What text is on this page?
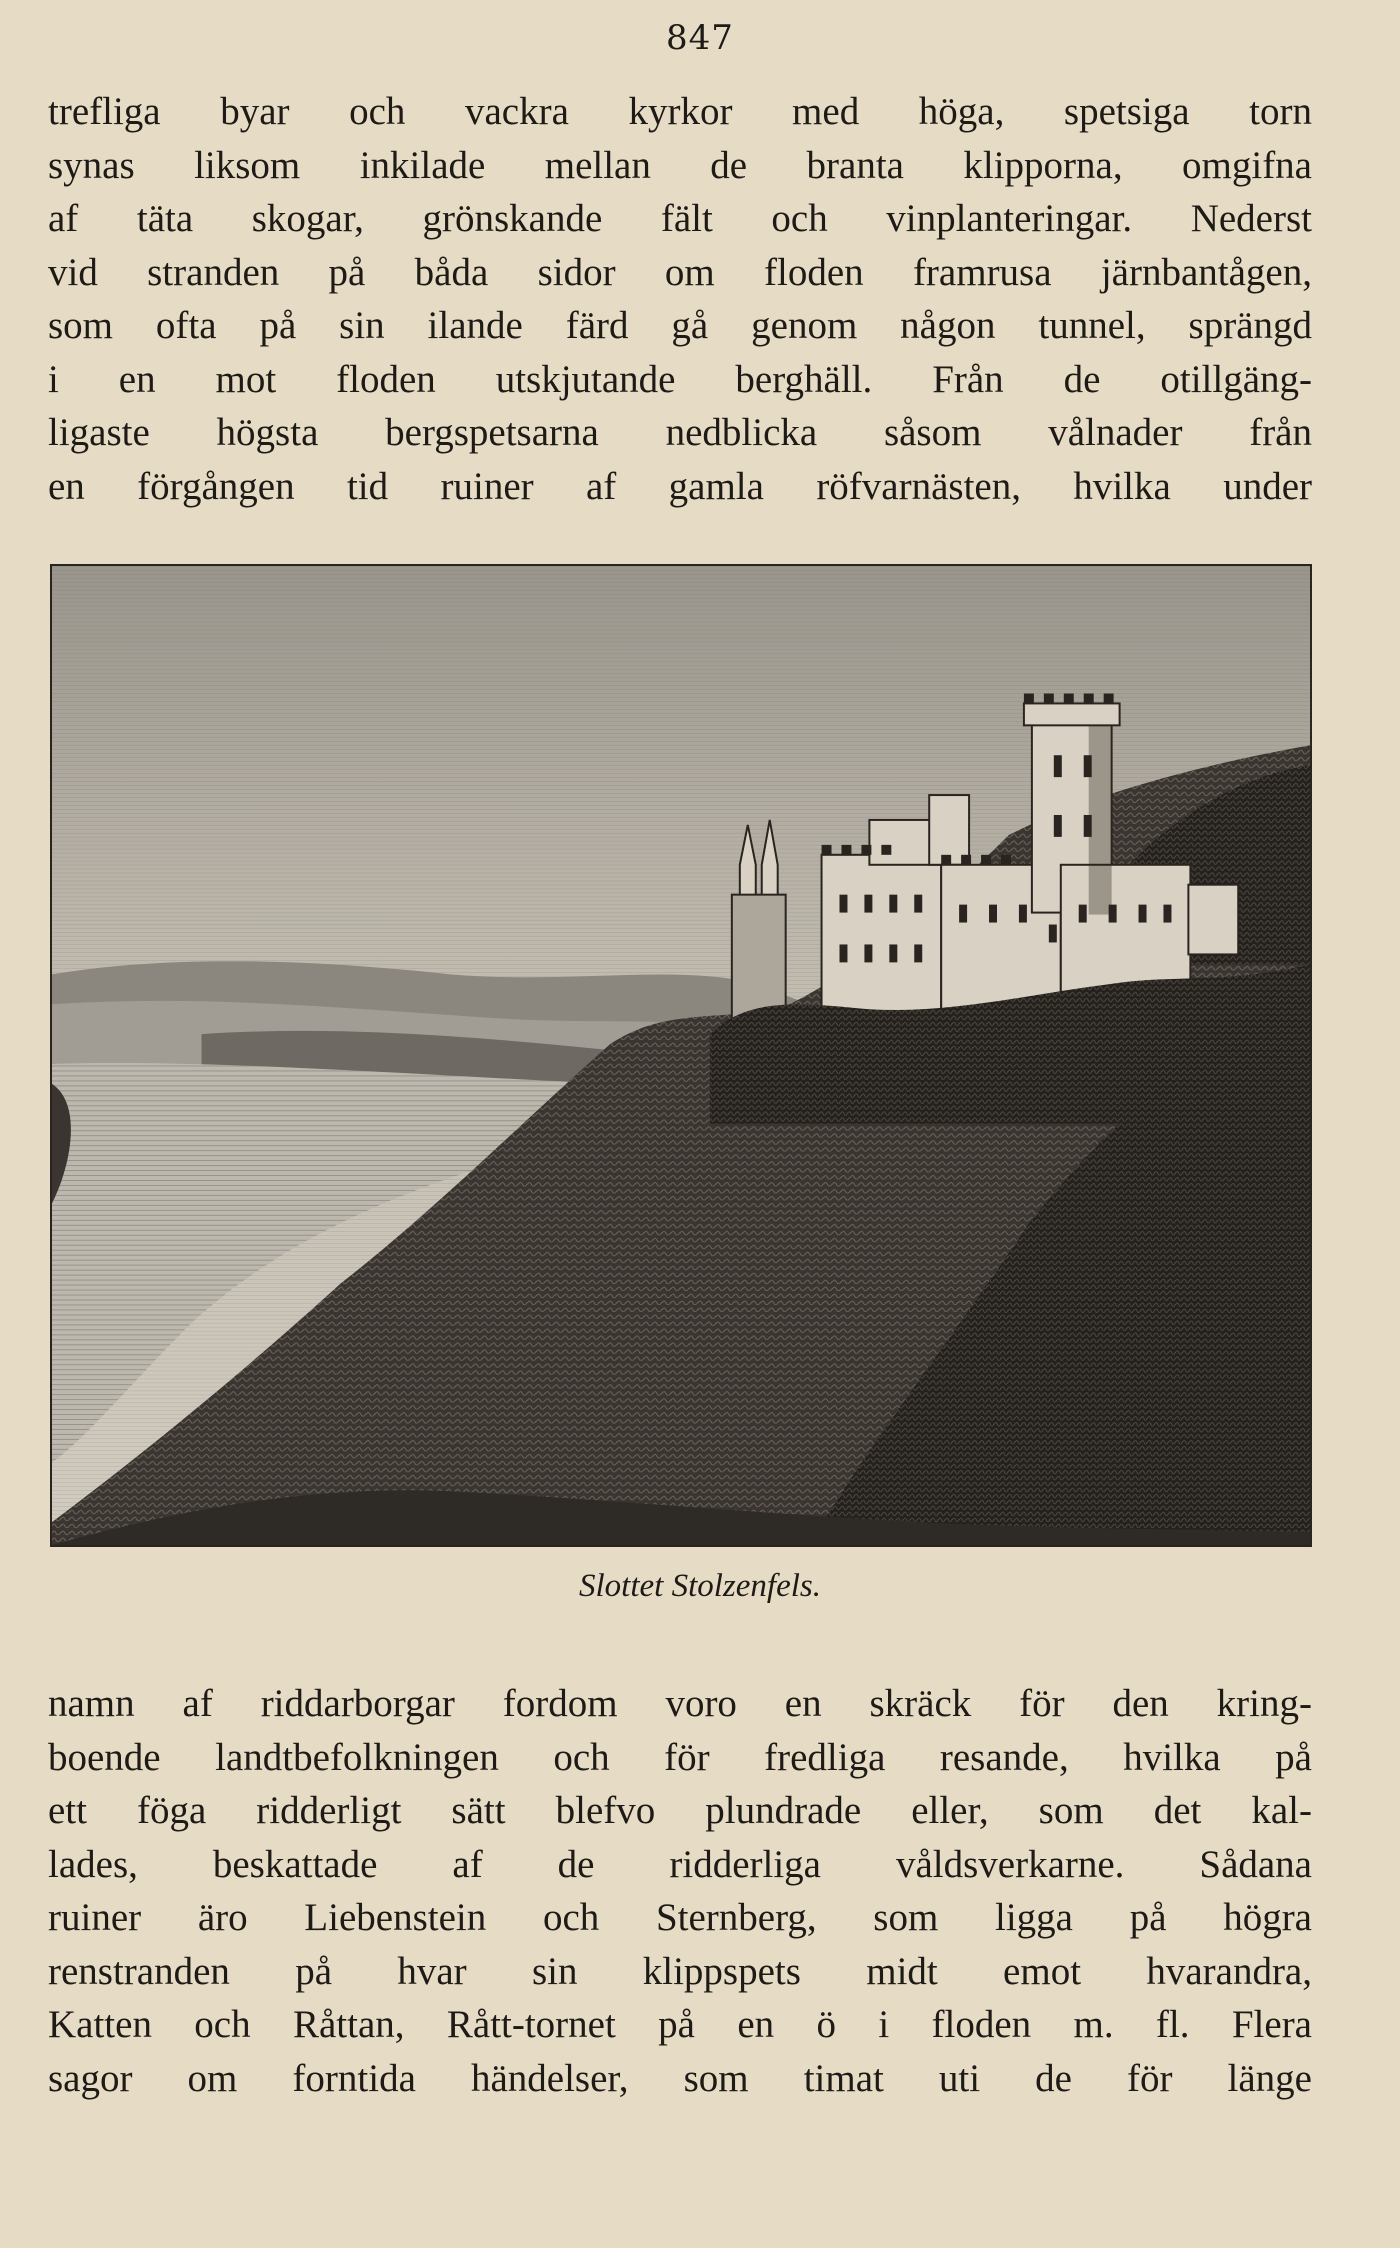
847
trefliga byar och vackra kyrkor med höga, spetsiga torn
synas liksom inkilade mellan de branta klipporna, omgifna
af täta skogar, grönskande fält och vinplanteringar. Nederst
vid stranden på båda sidor om floden framrusa järnbantågen,
som ofta på sin ilande färd gå genom någon tunnel, sprängd
i en mot floden utskjutande berghäll. Från de otillgäng-
ligaste högsta bergspetsarna nedblicka såsom vålnader från
en förgången tid ruiner af gamla röfvarnästen, hvilka under
Slottet Stolzenfels.
namn af riddarborgar fordom voro en skräck för den kring-
boende landtbefolkningen och för fredliga resande, hvilka på
ett föga ridderligt sätt blefvo plundrade eller, som det kal-
lades, beskattade af de ridderliga våldsverkarne. Sådana
ruiner äro Liebenstein och Sternberg, som ligga på högra
renstranden på hvar sin klippspets midt emot hvarandra,
Katten och Råttan, Rått-tornet på en ö i floden m. fl. Flera
sagor om forntida händelser, som timat uti de för länge
